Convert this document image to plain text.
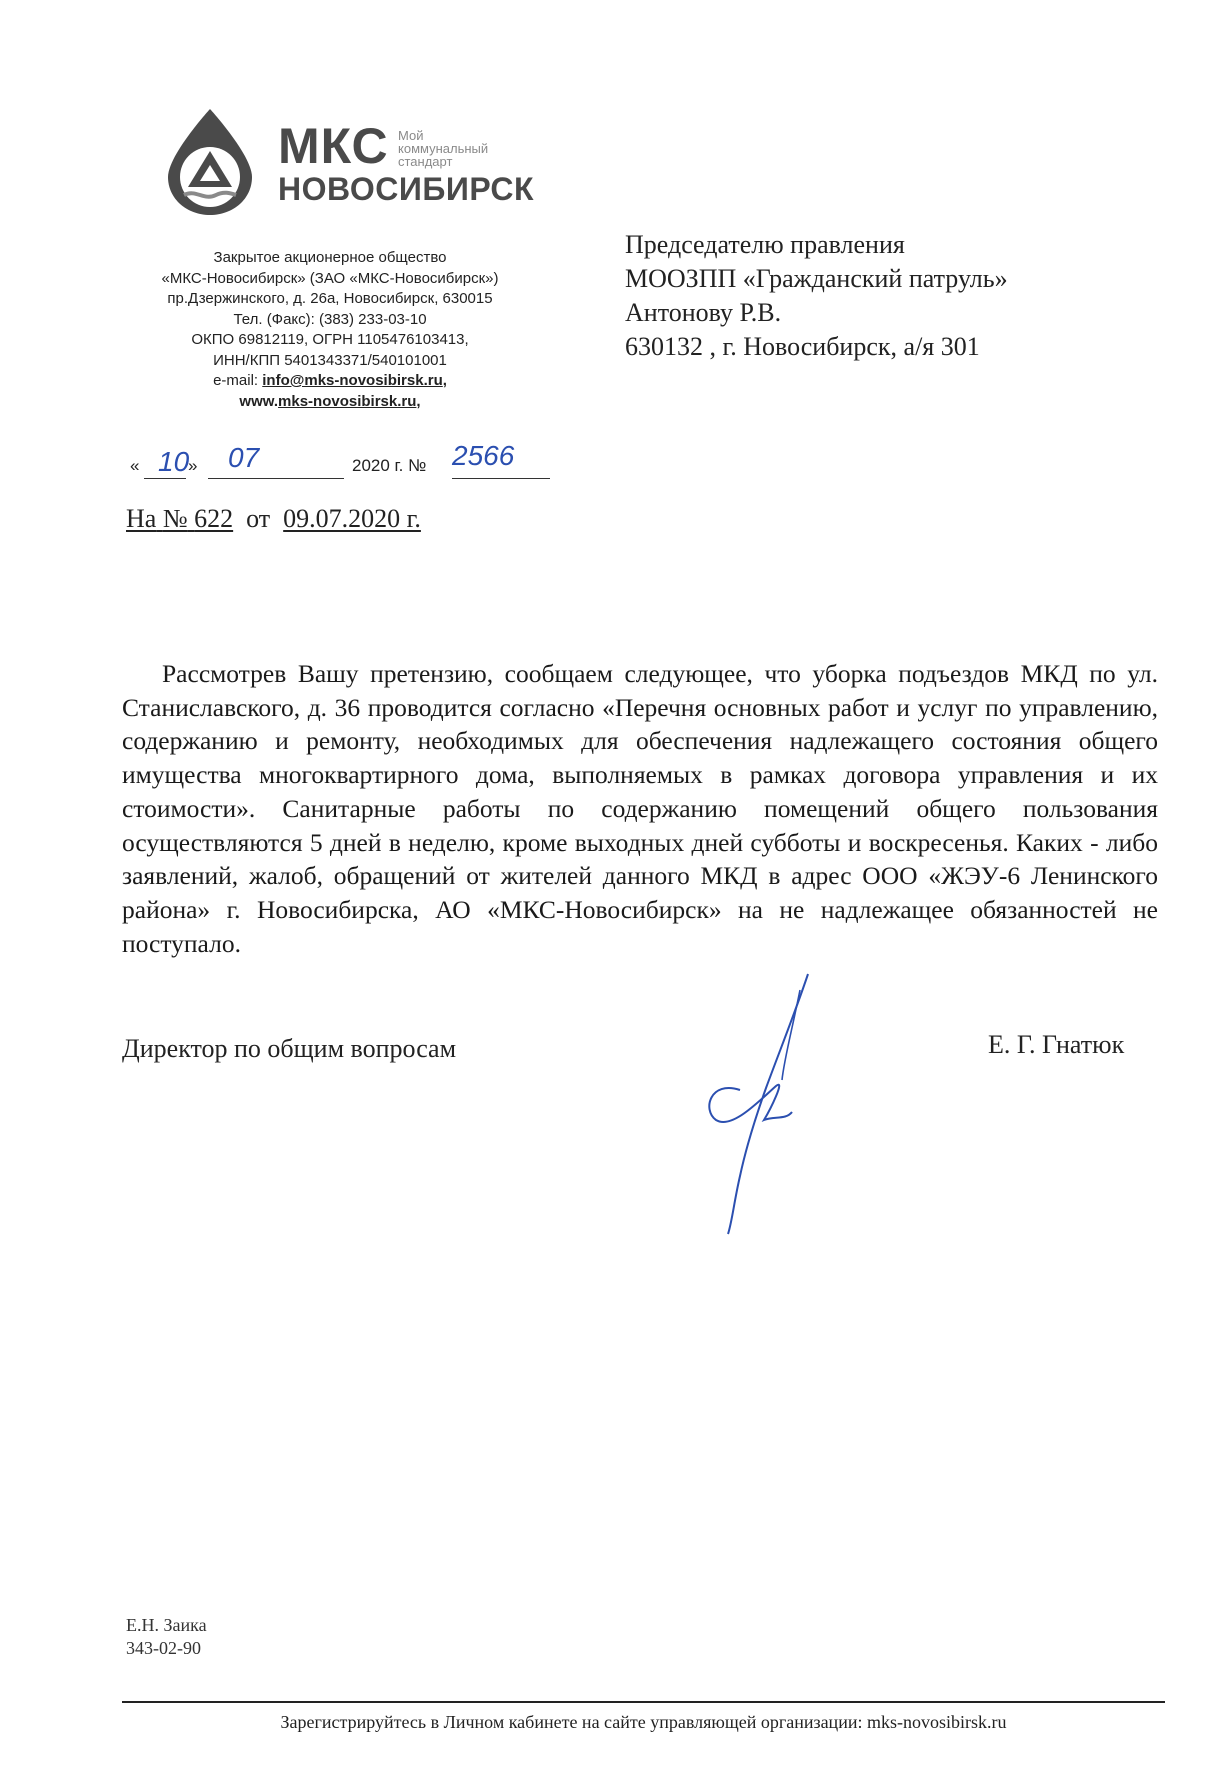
МКС Мой
коммунальный
стандарт
НОВОСИБИРСК
Закрытое акционерное общество
«МКС-Новосибирск» (ЗАО «МКС-Новосибирск»)
пр.Дзержинского, д. 26а, Новосибирск, 630015
Тел. (Факс): (383) 233-03-10
ОКПО 69812119, ОГРН 1105476103413,
ИНН/КПП 5401343371/540101001
e-mail: info@mks-novosibirsk.ru,
www.mks-novosibirsk.ru,
Председателю правления
МООЗПП «Гражданский патруль»
Антонову Р.В.
630132 , г. Новосибирск, а/я 301
« 10
» 07	2020 г. № 2566
На № 622 от 09.07.2020 г.

Рассмотрев Вашу претензию, сообщаем следующее, что уборка подъездов МКД по ул. Станиславского, д. 36 проводится согласно «Перечня основных работ и услуг по управлению, содержанию и ремонту, необходимых для обеспечения надлежащего состояния общего имущества многоквартирного дома, выполняемых в рамках договора управления и их стоимости». Санитарные работы по содержанию помещений общего пользования осуществляются 5 дней в неделю, кроме выходных дней субботы и воскресенья. Каких - либо заявлений, жалоб, обращений от жителей данного МКД в адрес ООО «ЖЭУ-6 Ленинского района» г. Новосибирска, АО «МКС-Новосибирск» на не надлежащее обязанностей не поступало.

Директор по общим вопросам	Е. Г. Гнатюк
Е.Н. Заика
343-02-90
Зарегистрируйтесь в Личном кабинете на сайте управляющей организации: mks-novosibirsk.ru
